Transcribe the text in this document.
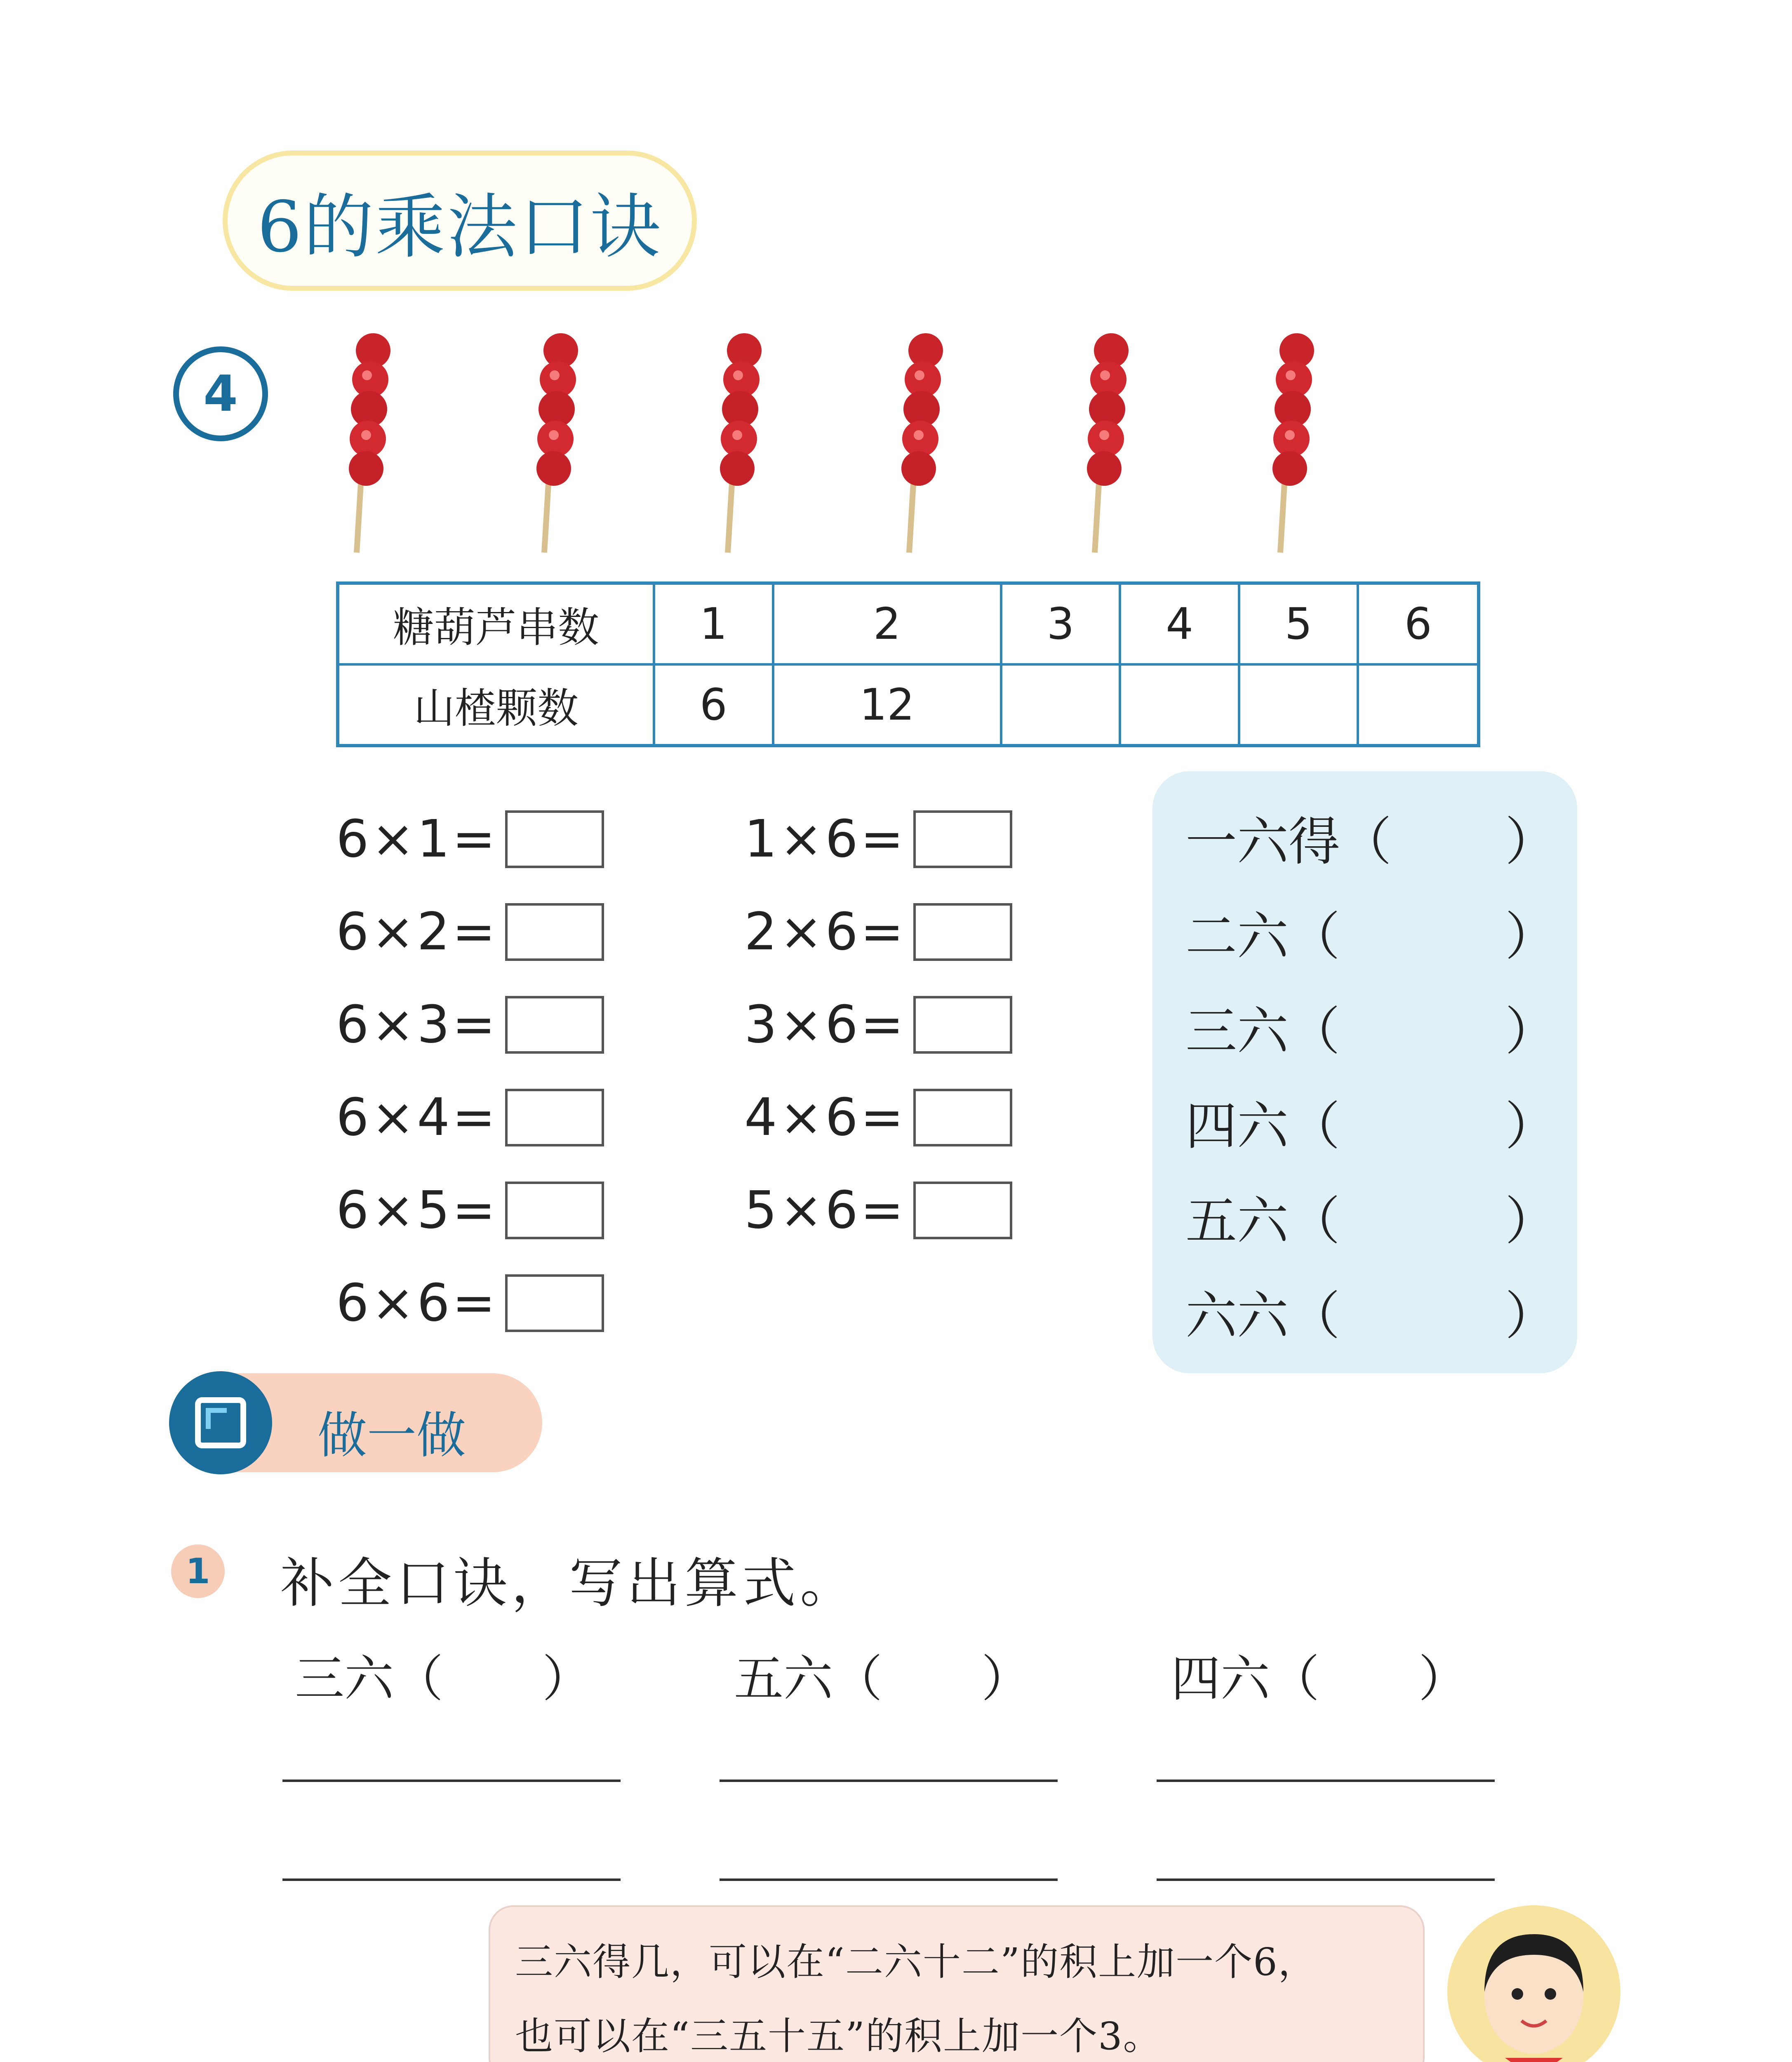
6的乘法口诀
4
糖葫芦串数	1	2	3	4	5	6
山楂颗数	6	12				
6×1=
6×2=
6×3=
6×4=
6×5=
6×6=
1×6=
2×6=
3×6=
4×6=
5×6=
一六得（ ）
二六（	）
三六（	）
四六（	）
五六（	）
六六（	）
做一做
1 补全口诀，写出算式。
三六（　　）	五六（　　）	四六（　　）
三六得几，可以在“二六十二”的积上加一个6，
也可以在“三五十五”的积上加一个3。
